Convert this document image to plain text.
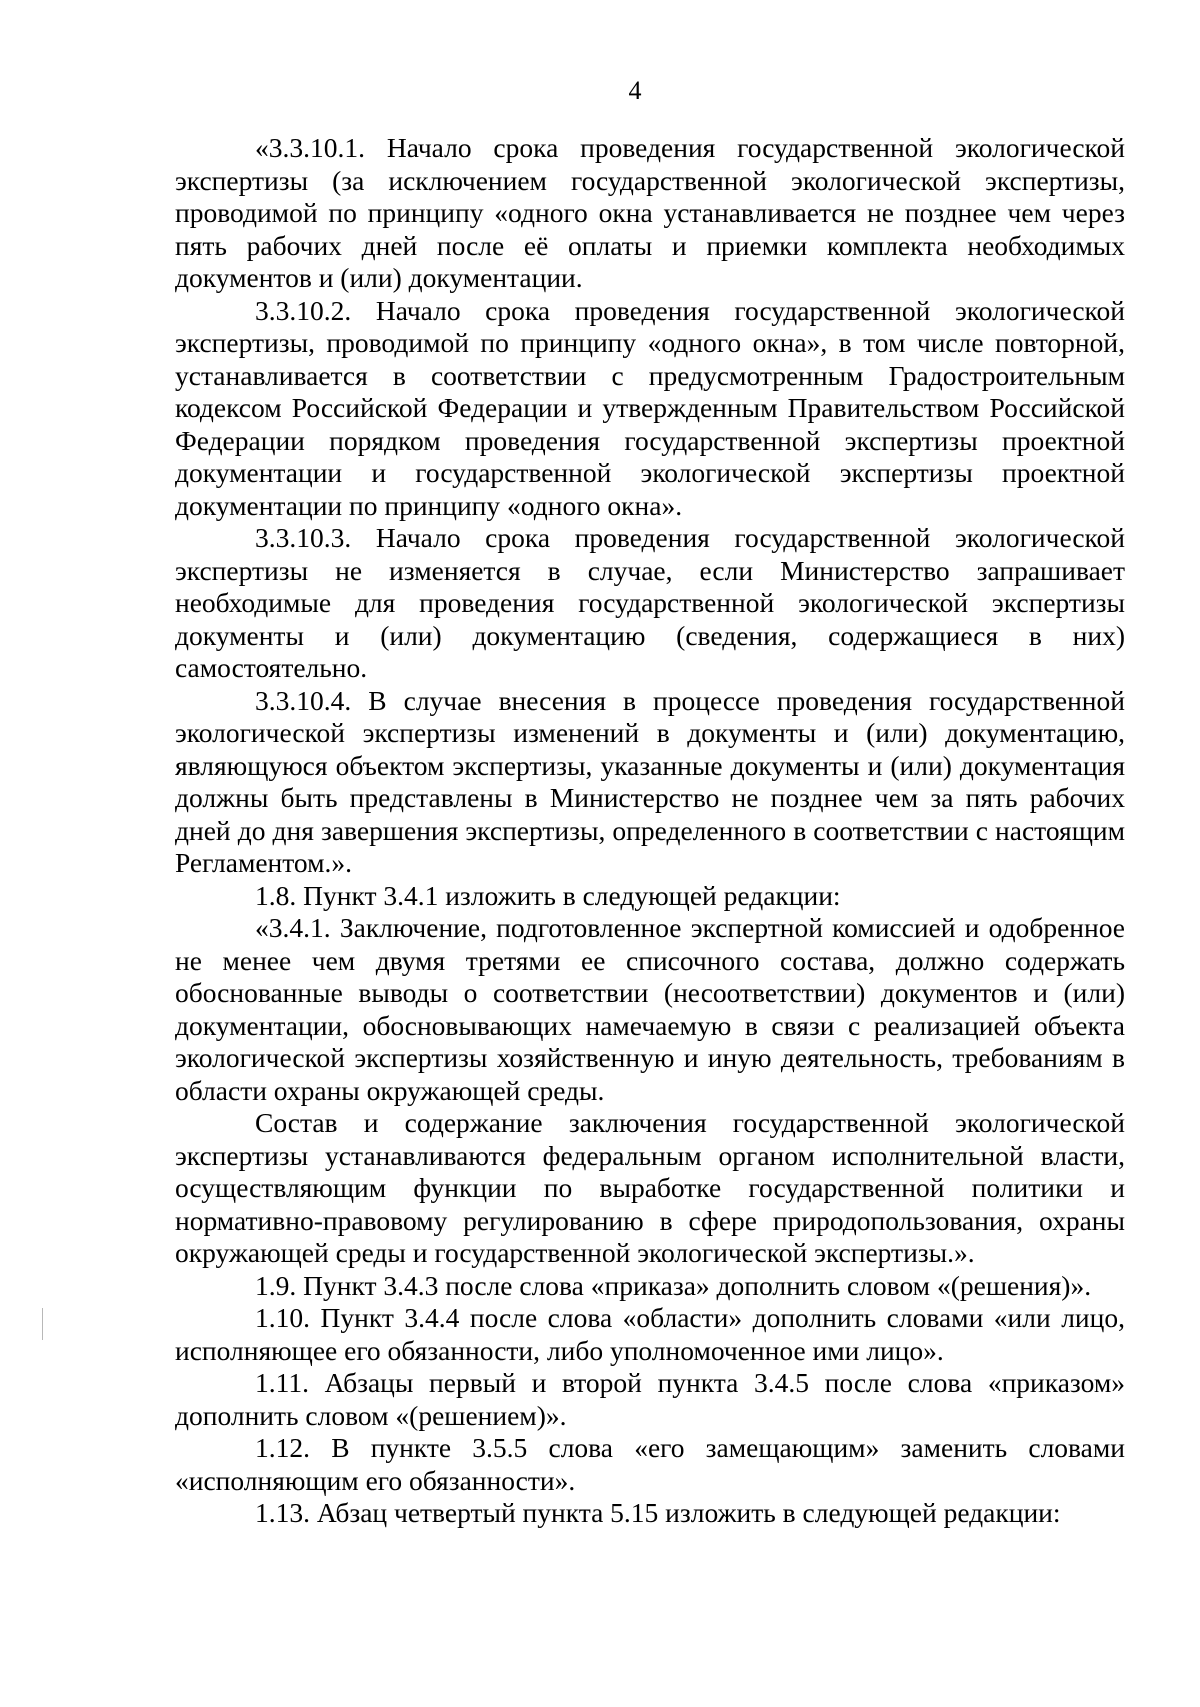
4

«3.3.10.1. Начало срока проведения государственной экологической экспертизы (за исключением государственной экологической экспертизы, проводимой по принципу «одного окна устанавливается не позднее чем через пять рабочих дней после её оплаты и приемки комплекта необходимых документов и (или) документации.

3.3.10.2. Начало срока проведения государственной экологической экспертизы, проводимой по принципу «одного окна», в том числе повторной, устанавливается в соответствии с предусмотренным Градостроительным кодексом Российской Федерации и утвержденным Правительством Российской Федерации порядком проведения государственной экспертизы проектной документации и государственной экологической экспертизы проектной документации по принципу «одного окна».

3.3.10.3. Начало срока проведения государственной экологической экспертизы не изменяется в случае, если Министерство запрашивает необходимые для проведения государственной экологической экспертизы документы и (или) документацию (сведения, содержащиеся в них) самостоятельно.

3.3.10.4. В случае внесения в процессе проведения государственной экологической экспертизы изменений в документы и (или) документацию, являющуюся объектом экспертизы, указанные документы и (или) документация должны быть представлены в Министерство не позднее чем за пять рабочих дней до дня завершения экспертизы, определенного в соответствии с настоящим Регламентом.».

1.8. Пункт 3.4.1 изложить в следующей редакции:

«3.4.1. Заключение, подготовленное экспертной комиссией и одобренное не менее чем двумя третями ее списочного состава, должно содержать обоснованные выводы о соответствии (несоответствии) документов и (или) документации, обосновывающих намечаемую в связи с реализацией объекта экологической экспертизы хозяйственную и иную деятельность, требованиям в области охраны окружающей среды.

Состав и содержание заключения государственной экологической экспертизы устанавливаются федеральным органом исполнительной власти, осуществляющим функции по выработке государственной политики и нормативно-правовому регулированию в сфере природопользования, охраны окружающей среды и государственной экологической экспертизы.».

1.9. Пункт 3.4.3 после слова «приказа» дополнить словом «(решения)».

1.10. Пункт 3.4.4 после слова «области» дополнить словами «или лицо, исполняющее его обязанности, либо уполномоченное ими лицо».

1.11. Абзацы первый и второй пункта 3.4.5 после слова «приказом» дополнить словом «(решением)».

1.12. В пункте 3.5.5 слова «его замещающим» заменить словами «исполняющим его обязанности».

1.13. Абзац четвертый пункта 5.15 изложить в следующей редакции:
